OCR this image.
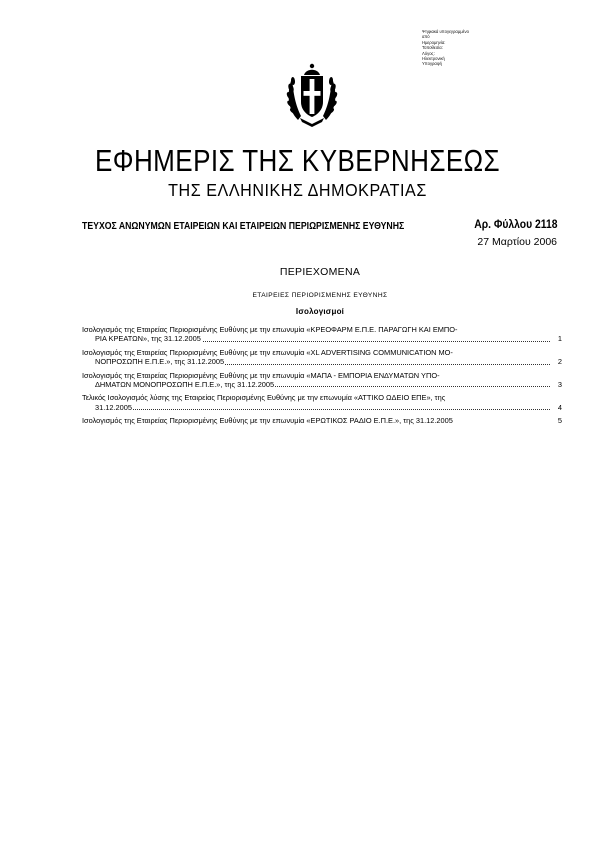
Ψηφιακά υπογεγραμμένο
από
Ημερομηνία:
Τοποθεσία:
Λόγος:
Ηλεκτρονική
Υπογραφή
ΕΦΗΜΕΡΙΣ ΤΗΣ ΚΥΒΕΡΝΗΣΕΩΣ
ΤΗΣ ΕΛΛΗΝΙΚΗΣ ΔΗΜΟΚΡΑΤΙΑΣ
ΤΕΥΧΟΣ ΑΝΩΝΥΜΩΝ ΕΤΑΙΡΕΙΩΝ ΚΑΙ ΕΤΑΙΡΕΙΩΝ ΠΕΡΙΩΡΙΣΜΕΝΗΣ ΕΥΘΥΝΗΣ	Αρ. Φύλλου 2118
27 Μαρτίου 2006
ΠΕΡΙΕΧΟΜΕΝΑ
ΕΤΑΙΡΕΙΕΣ ΠΕΡΙΟΡΙΣΜΕΝΗΣ ΕΥΘΥΝΗΣ
Ισολογισμοί
Ισολογισμός της Εταιρείας Περιορισμένης Ευθύνης με την επωνυμία «ΚΡΕΟΦΑΡΜ Ε.Π.Ε. ΠΑΡΑΓΩΓΗ ΚΑΙ ΕΜΠΟ-
ΡΙΑ ΚΡΕΑΤΩΝ», της 31.12.2005	1
Ισολογισμός της Εταιρείας Περιορισμένης Ευθύνης με την επωνυμία «XL ADVERTISING COMMUNICATION ΜΟ-
ΝΟΠΡΟΣΩΠΗ Ε.Π.Ε.», της 31.12.2005	2
Ισολογισμός της Εταιρείας Περιορισμένης Ευθύνης με την επωνυμία «ΜΑΠΑ - ΕΜΠΟΡΙΑ ΕΝΔΥΜΑΤΩΝ ΥΠΟ-
ΔΗΜΑΤΩΝ ΜΟΝΟΠΡΟΣΩΠΗ Ε.Π.Ε.», της 31.12.2005	3
Τελικός Ισολογισμός λύσης της Εταιρείας Περιορισμένης Ευθύνης με την επωνυμία «ΑΤΤΙΚΟ ΩΔΕΙΟ ΕΠΕ», της
31.12.2005	4
Ισολογισμός της Εταιρείας Περιορισμένης Ευθύνης με την επωνυμία «ΕΡΩΤΙΚΟΣ ΡΑΔΙΟ Ε.Π.Ε.», της 31.12.2005	5
